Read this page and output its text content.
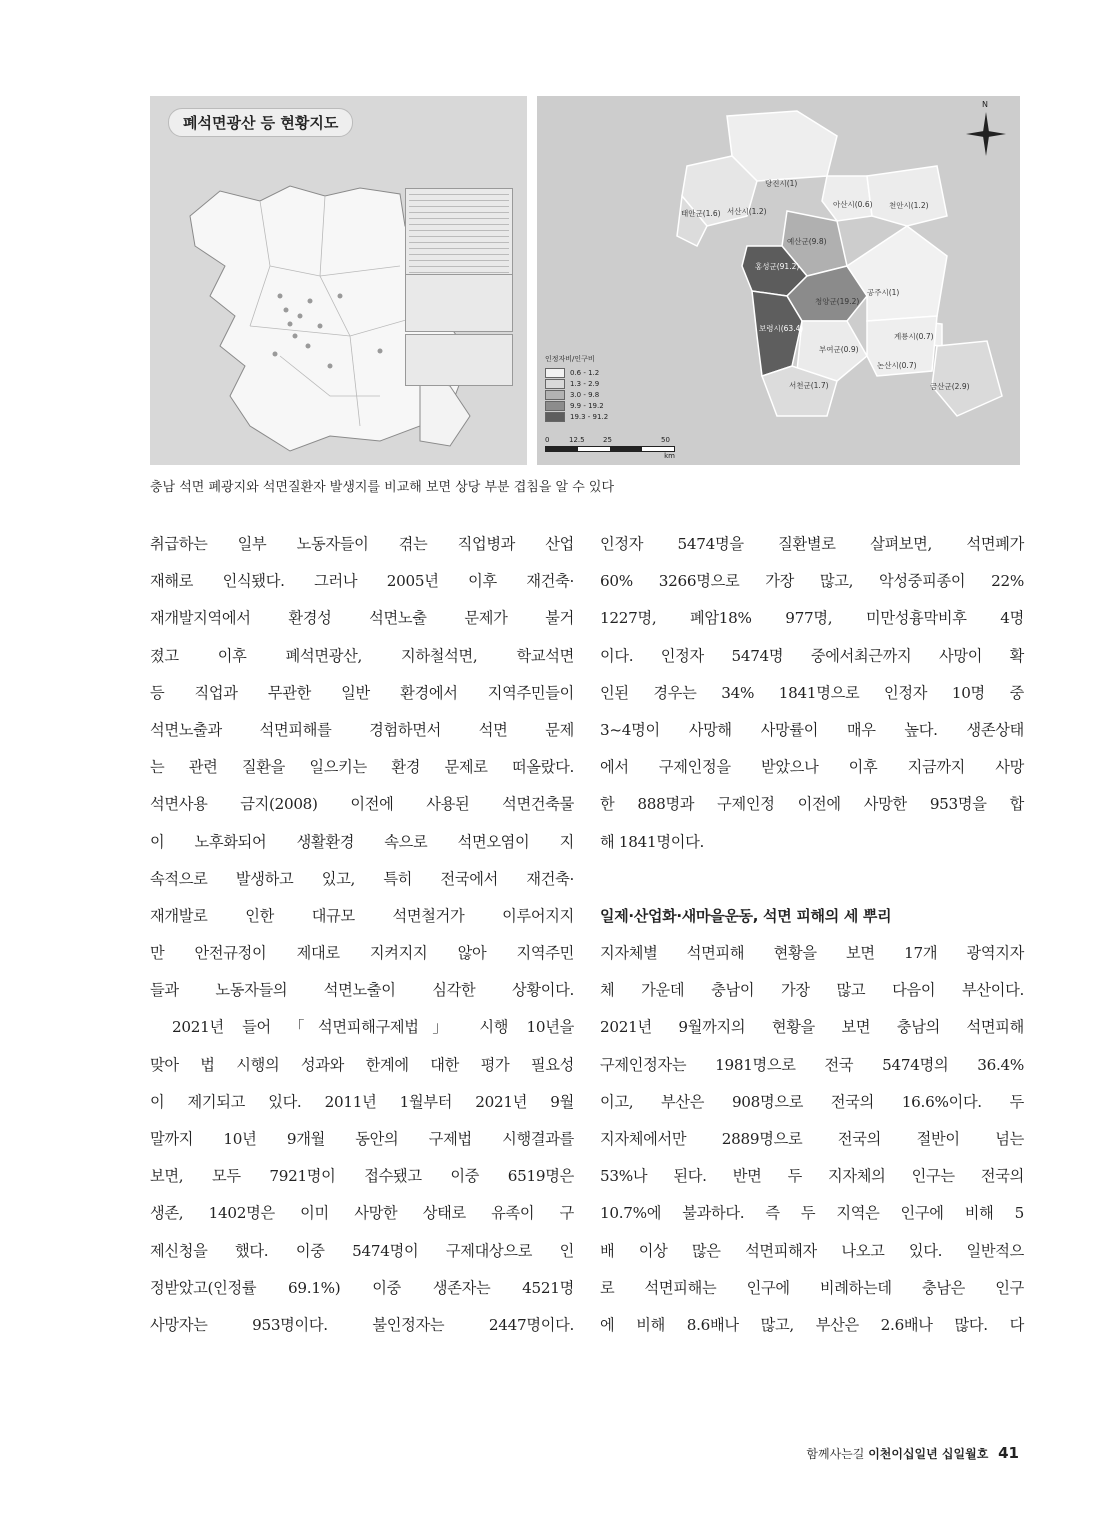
폐석면광산 등 현황지도
당진시(1)
태안군(1.6) 서산시(1.2)
아산시(0.6) 천안시(1.2)
예산군(9.8)
홍성군(91.2)
청양군(19.2)
공주시(1)
보령시(63.4)
부여군(0.9)
계룡시(0.7)
논산시(0.7)
서천군(1.7)	금산군(2.9)
인정자비/인구비
0.6 - 1.2
1.3 - 2.9
3.0 - 9.8
9.9 - 19.2
19.3 - 91.2
0	12.5	25	50
km
N
충남 석면 폐광지와 석면질환자 발생지를 비교해 보면 상당 부분 겹침을 알 수 있다
취급하는 일부 노동자들이 겪는 직업병과 산업
재해로 인식됐다. 그러나 2005년 이후 재건축·
재개발지역에서 환경성 석면노출 문제가 불거
졌고 이후 폐석면광산, 지하철석면, 학교석면
등 직업과 무관한 일반 환경에서 지역주민들이
석면노출과 석면피해를 경험하면서 석면 문제
는 관련 질환을 일으키는 환경 문제로 떠올랐다.
석면사용 금지(2008) 이전에 사용된 석면건축물
이 노후화되어 생활환경 속으로 석면오염이 지
속적으로 발생하고 있고, 특히 전국에서 재건축·
재개발로 인한 대규모 석면철거가 이루어지지
만 안전규정이 제대로 지켜지지 않아 지역주민
들과 노동자들의 석면노출이 심각한 상황이다.
2021년 들어 「석면피해구제법」 시행 10년을
맞아 법 시행의 성과와 한계에 대한 평가 필요성
이 제기되고 있다. 2011년 1월부터 2021년 9월
말까지 10년 9개월 동안의 구제법 시행결과를
보면, 모두 7921명이 접수됐고 이중 6519명은
생존, 1402명은 이미 사망한 상태로 유족이 구
제신청을 했다. 이중 5474명이 구제대상으로 인
정받았고(인정률 69.1%) 이중 생존자는 4521명
사망자는 953명이다. 불인정자는 2447명이다.
인정자 5474명을 질환별로 살펴보면, 석면폐가
60% 3266명으로 가장 많고, 악성중피종이 22%
1227명, 폐암18% 977명, 미만성흉막비후 4명
이다. 인정자 5474명 중에서최근까지 사망이 확
인된 경우는 34% 1841명으로 인정자 10명 중
3~4명이 사망해 사망률이 매우 높다. 생존상태
에서 구제인정을 받았으나 이후 지금까지 사망
한 888명과 구제인정 이전에 사망한 953명을 합
해 1841명이다.
일제·산업화·새마을운동, 석면 피해의 세 뿌리
지자체별 석면피해 현황을 보면 17개 광역지자
체 가운데 충남이 가장 많고 다음이 부산이다.
2021년 9월까지의 현황을 보면 충남의 석면피해
구제인정자는 1981명으로 전국 5474명의 36.4%
이고, 부산은 908명으로 전국의 16.6%이다. 두
지자체에서만 2889명으로 전국의 절반이 넘는
53%나 된다. 반면 두 지자체의 인구는 전국의
10.7%에 불과하다. 즉 두 지역은 인구에 비해 5
배 이상 많은 석면피해자 나오고 있다. 일반적으
로 석면피해는 인구에 비례하는데 충남은 인구
에 비해 8.6배나 많고, 부산은 2.6배나 많다. 다
함께사는길 이천이십일년 십일월호 41
